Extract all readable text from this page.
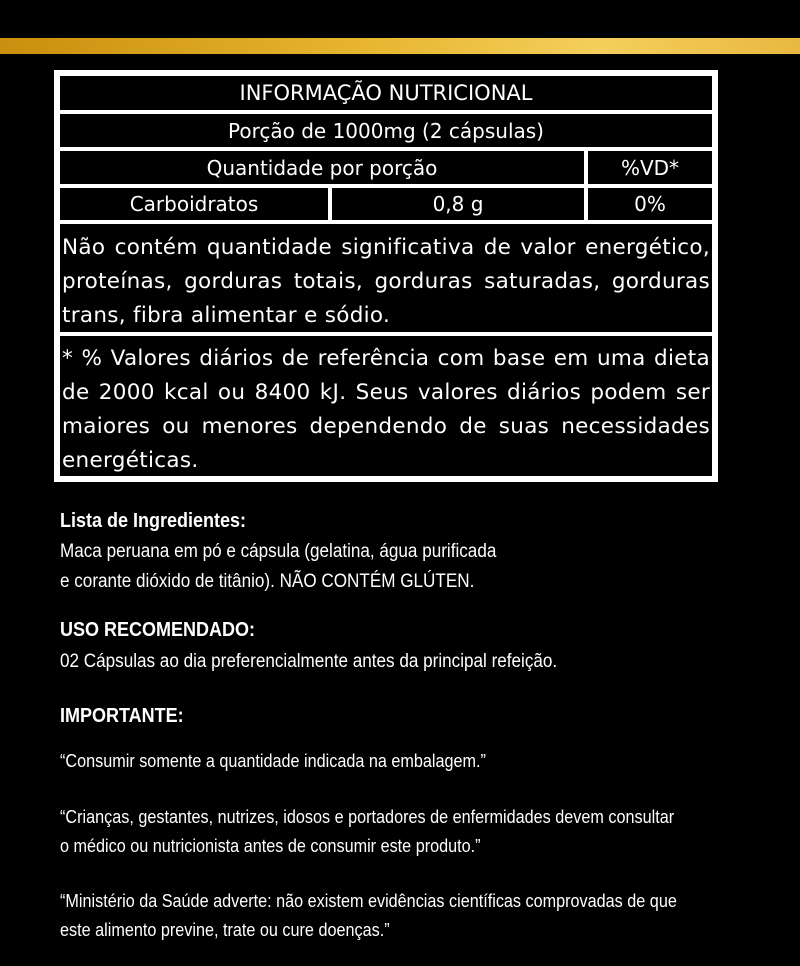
INFORMAÇÃO NUTRICIONAL
Porção de 1000mg (2 cápsulas)
Quantidade por porção	%VD*
Carboidratos	0,8 g	0%
Não contém quantidade significativa de valor energético, proteínas, gorduras totais, gorduras saturadas, gorduras trans, fibra alimentar e sódio.
* % Valores diários de referência com base em uma dieta de 2000 kcal ou 8400 kJ. Seus valores diários podem ser maiores ou menores dependendo de suas necessidades energéticas.
Lista de Ingredientes:
Maca peruana em pó e cápsula (gelatina, água purificada
e corante dióxido de titânio). NÃO CONTÉM GLÚTEN.
USO RECOMENDADO:
02 Cápsulas ao dia preferencialmente antes da principal refeição.
IMPORTANTE:
“Consumir somente a quantidade indicada na embalagem.”
“Crianças, gestantes, nutrizes, idosos e portadores de enfermidades devem consultar
o médico ou nutricionista antes de consumir este produto.”
“Ministério da Saúde adverte: não existem evidências científicas comprovadas de que
este alimento previne, trate ou cure doenças.”
